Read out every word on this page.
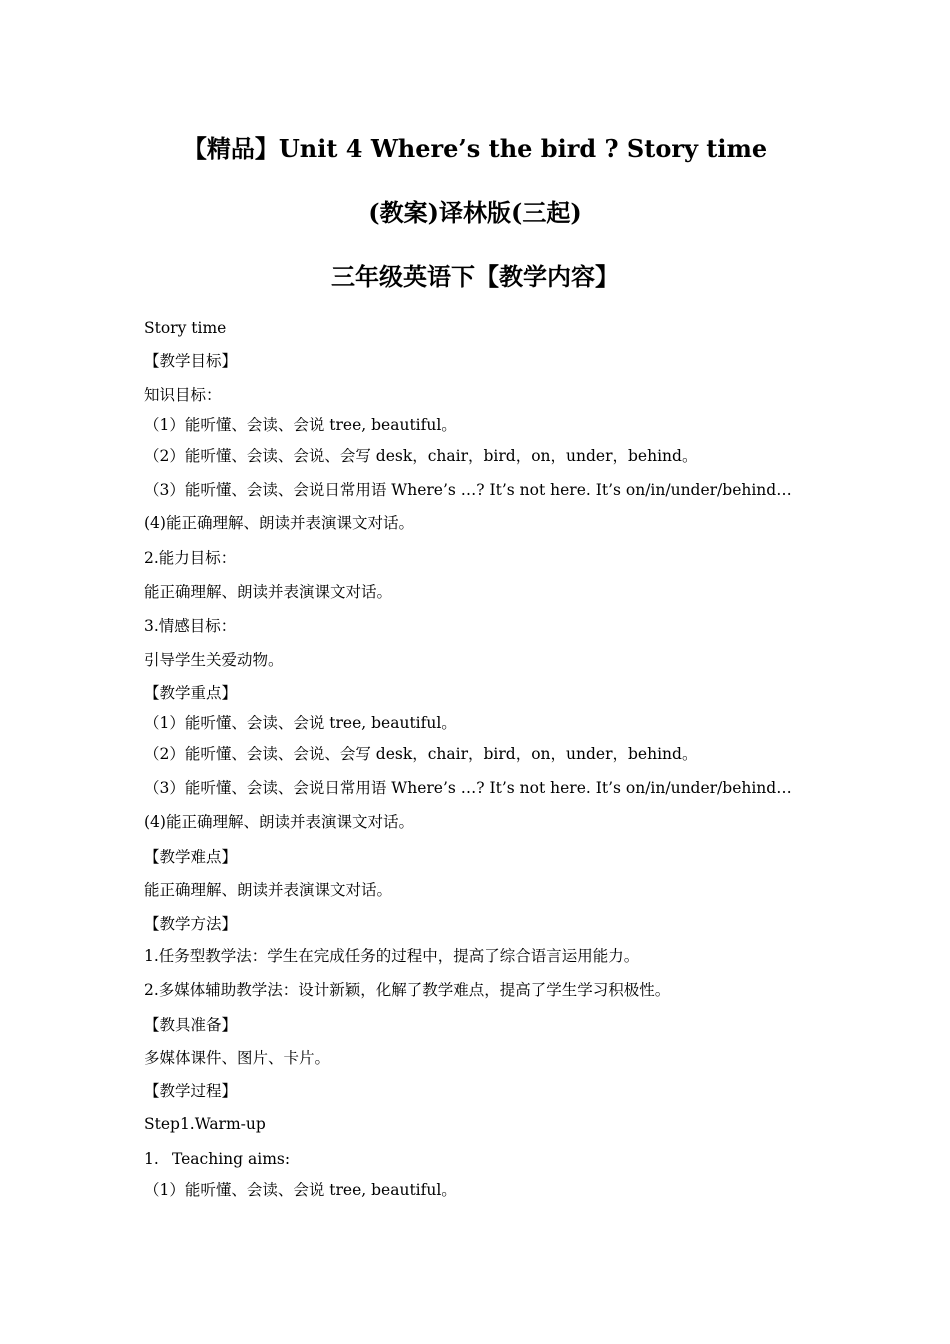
【精品】Unit 4 Where’s the bird ? Story time
(教案)译林版(三起)
三年级英语下【教学内容】
Story time
【教学目标】
知识目标：
（1）能听懂、会读、会说 tree, beautiful。
（2）能听懂、会读、会说、会写 desk，chair，bird，on，under，behind。
（3）能听懂、会读、会说日常用语 Where’s …? It’s not here. It’s on/in/under/behind…
(4)能正确理解、朗读并表演课文对话。
2.能力目标：
能正确理解、朗读并表演课文对话。
3.情感目标：
引导学生关爱动物。
【教学重点】
（1）能听懂、会读、会说 tree, beautiful。
（2）能听懂、会读、会说、会写 desk，chair，bird，on，under，behind。
（3）能听懂、会读、会说日常用语 Where’s …? It’s not here. It’s on/in/under/behind…
(4)能正确理解、朗读并表演课文对话。
【教学难点】
能正确理解、朗读并表演课文对话。
【教学方法】
1.任务型教学法：学生在完成任务的过程中，提高了综合语言运用能力。
2.多媒体辅助教学法：设计新颖，化解了教学难点，提高了学生学习积极性。
【教具准备】
多媒体课件、图片、卡片。
【教学过程】
Step1.Warm-up
1. Teaching aims:
（1）能听懂、会读、会说 tree, beautiful。
